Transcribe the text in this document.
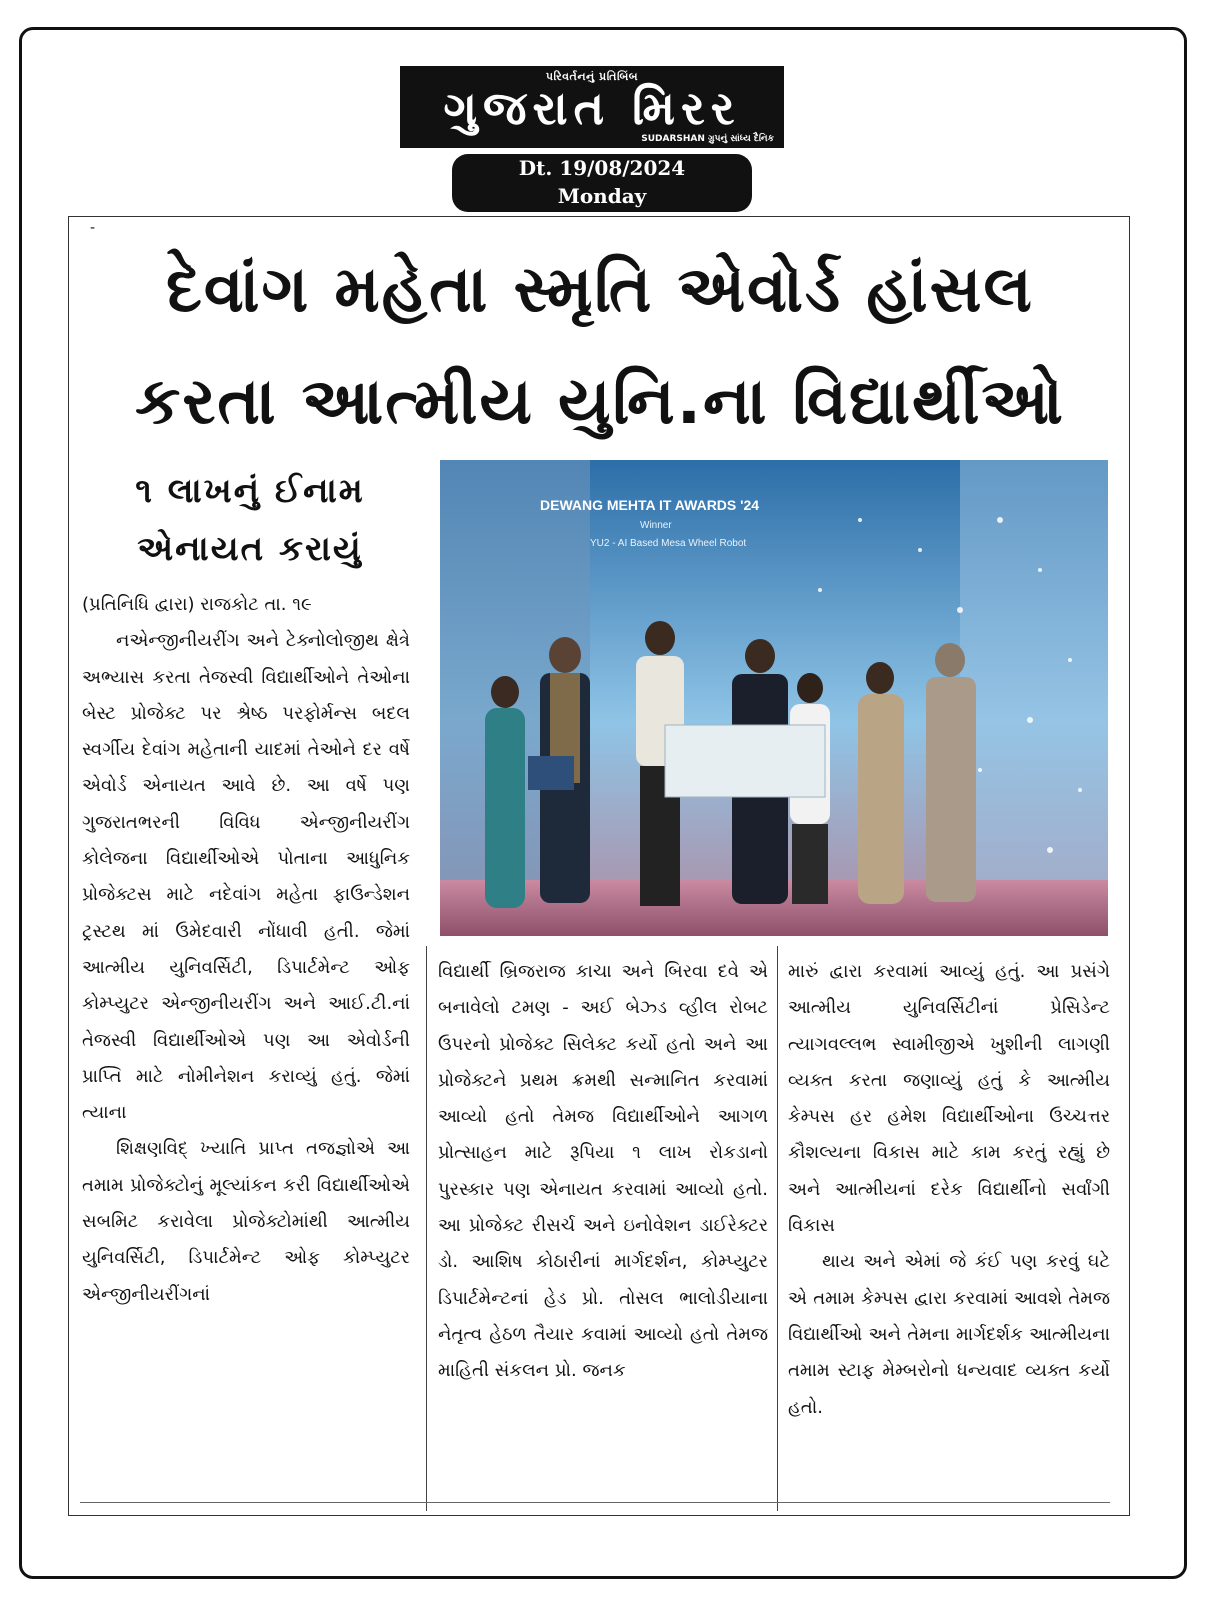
પરિવર્તનનું પ્રતિબિંબ
ગુજરાત મિરર
SUDARSHAN ગ્રુપનું સાંધ્ય દૈનિક
Dt. 19/08/2024
Monday
-
દેવાંગ મહેતા સ્મૃતિ એવોર્ડ હાંસલ
કરતા આત્મીય યુનિ.ના વિદ્યાર્થીઓ
૧ લાખનું ઈનામ
એનાયત કરાયું
DEWANG MEHTA IT AWARDS '24
Winner
YU2 - AI Based Mesa Wheel Robot

(પ્રતિનિધિ દ્વારા) રાજકોટ તા. ૧૯

નએન્જીનીયરીંગ અને ટેક્નોલોજીથ ક્ષેત્રે અભ્યાસ કરતા તેજસ્વી વિદ્યાર્થીઓને તેઓના બેસ્ટ પ્રોજેક્ટ પર શ્રેષ્ઠ પરફોર્મન્સ બદલ સ્વર્ગીય દેવાંગ મહેતાની યાદમાં તેઓને દર વર્ષે એવોર્ડ એનાયત આવે છે. આ વર્ષે પણ ગુજરાતભરની વિવિધ એન્જીનીયરીંગ કોલેજના વિદ્યાર્થીઓએ પોતાના આધુનિક પ્રોજેક્ટસ માટે નદેવાંગ મહેતા ફાઉન્ડેશન ટ્રસ્ટથ માં ઉમેદવારી નોંધાવી હતી. જેમાં આત્મીય યુનિવર્સિટી, ડિપાર્ટમેન્ટ ઓફ કોમ્પ્યુટર એન્જીનીયરીંગ અને આઈ.ટી.નાં તેજસ્વી વિદ્યાર્થીઓએ પણ આ એવોર્ડની પ્રાપ્તિ માટે નોમીનેશન કરાવ્યું હતું. જેમાં ત્યાના

શિક્ષણવિદ્ ખ્યાતિ પ્રાપ્ત તજજ્ઞોએ આ તમામ પ્રોજેક્ટોનું મૂલ્યાંકન કરી વિદ્યાર્થીઓએ સબમિટ કરાવેલા પ્રોજેક્ટોમાંથી આત્મીય યુનિવર્સિટી, ડિપાર્ટમેન્ટ ઓફ કોમ્પ્યુટર એન્જીનીયરીંગનાં

વિદ્યાર્થી બ્રિજરાજ કાચા અને બિરવા દવે એ બનાવેલો ટમણ - અઈ બેઝ્ડ વ્હીલ રોબટ ઉપરનો પ્રોજેક્ટ સિલેક્ટ કર્યો હતો અને આ પ્રોજેક્ટને પ્રથમ ક્રમથી સન્માનિત કરવામાં આવ્યો હતો તેમજ વિદ્યાર્થીઓને આગળ પ્રોત્સાહન માટે રૂપિયા ૧ લાખ રોકડાનો પુરસ્કાર પણ એનાયત કરવામાં આવ્યો હતો. આ પ્રોજેક્ટ રીસર્ચ અને ઇનોવેશન ડાઈરેક્ટર ડો. આશિષ કોઠારીનાં માર્ગદર્શન, કોમ્પ્યુટર ડિપાર્ટમેન્ટનાં હેડ પ્રો. તોસલ ભાલોડીયાના નેતૃત્વ હેઠળ તૈયાર કવામાં આવ્યો હતો તેમજ માહિતી સંકલન પ્રો. જનક

મારું દ્વારા કરવામાં આવ્યું હતું. આ પ્રસંગે આત્મીય યુનિવર્સિટીનાં પ્રેસિડેન્ટ ત્યાગવલ્લભ સ્વામીજીએ ખુશીની લાગણી વ્યક્ત કરતા જણાવ્યું હતું કે આત્મીય કેમ્પસ હર હમેશ વિદ્યાર્થીઓના ઉચ્ચત્તર કૌશલ્યના વિકાસ માટે કામ કરતું રહ્યું છે અને આત્મીયનાં દરેક વિદ્યાર્થીનો સર્વાંગી વિકાસ

થાય અને એમાં જે કંઈ પણ કરવું ઘટે એ તમામ કેમ્પસ દ્વારા કરવામાં આવશે તેમજ વિદ્યાર્થીઓ અને તેમના માર્ગદર્શક આત્મીયના તમામ સ્ટાફ મેમ્બરોનો ધન્યવાદ વ્યક્ત કર્યો હતો.
